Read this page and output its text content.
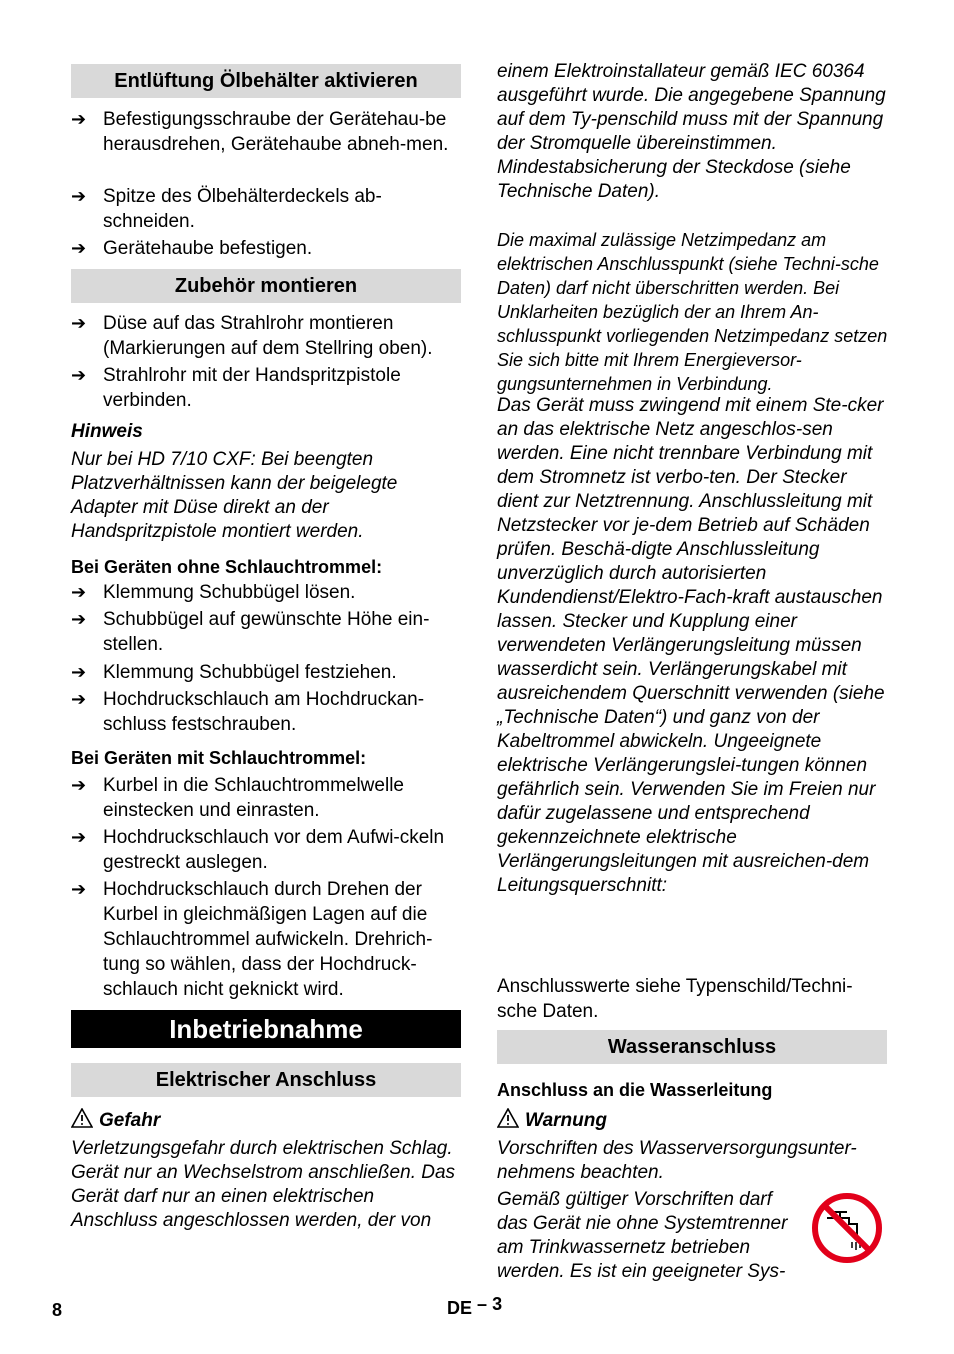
Entlüftung Ölbehälter aktivieren
➔ Befestigungsschraube der Gerätehau-be herausdrehen, Gerätehaube abneh-men.
➔ Spitze des Ölbehälterdeckels ab-schneiden.
➔ Gerätehaube befestigen.
Zubehör montieren
➔ Düse auf das Strahlrohr montieren (Markierungen auf dem Stellring oben).
➔ Strahlrohr mit der Handspritzpistole verbinden.
Hinweis
Nur bei HD 7/10 CXF: Bei beengten Platzverhältnissen kann der beigelegte Adapter mit Düse direkt an der Handspritzpistole montiert werden.
Bei Geräten ohne Schlauchtrommel:
➔ Klemmung Schubbügel lösen.
➔ Schubbügel auf gewünschte Höhe ein-stellen.
➔ Klemmung Schubbügel festziehen.
➔ Hochdruckschlauch am Hochdruckan-schluss festschrauben.
Bei Geräten mit Schlauchtrommel:
➔ Kurbel in die Schlauchtrommelwelle einstecken und einrasten.
➔ Hochdruckschlauch vor dem Aufwi-ckeln gestreckt auslegen.
➔ Hochdruckschlauch durch Drehen der Kurbel in gleichmäßigen Lagen auf die Schlauchtrommel aufwickeln. Drehrich-tung so wählen, dass der Hochdruck-schlauch nicht geknickt wird.
Inbetriebnahme
Elektrischer Anschluss
Gefahr
Verletzungsgefahr durch elektrischen Schlag. Gerät nur an Wechselstrom anschließen. Das Gerät darf nur an einen elektrischen Anschluss angeschlossen werden, der von
einem Elektroinstallateur gemäß IEC 60364 ausgeführt wurde. Die angegebene Spannung auf dem Ty-penschild muss mit der Spannung der Stromquelle übereinstimmen. Mindestabsicherung der Steckdose (siehe Technische Daten).
Die maximal zulässige Netzimpedanz am elektrischen Anschlusspunkt (siehe Techni-sche Daten) darf nicht überschritten werden. Bei Unklarheiten bezüglich der an Ihrem An-schlusspunkt vorliegenden Netzimpedanz setzen Sie sich bitte mit Ihrem Energieversor-gungsunternehmen in Verbindung.
Das Gerät muss zwingend mit einem Ste-cker an das elektrische Netz angeschlos-sen werden. Eine nicht trennbare Verbindung mit dem Stromnetz ist verbo-ten. Der Stecker dient zur Netztrennung. Anschlussleitung mit Netzstecker vor je-dem Betrieb auf Schäden prüfen. Beschä-digte Anschlussleitung unverzüglich durch autorisierten Kundendienst/Elektro-Fach-kraft austauschen lassen. Stecker und Kupplung einer verwendeten Verlängerungsleitung müssen wasserdicht sein. Verlängerungskabel mit ausreichendem Querschnitt verwenden (siehe „Technische Daten“) und ganz von der Kabeltrommel abwickeln. Ungeeignete elektrische Verlängerungslei-tungen können gefährlich sein. Verwenden Sie im Freien nur dafür zugelassene und entsprechend gekennzeichnete elektrische Verlängerungsleitungen mit ausreichen-dem Leitungsquerschnitt:
Anschlusswerte siehe Typenschild/Techni-sche Daten.
Wasseranschluss
Anschluss an die Wasserleitung
Warnung
Vorschriften des Wasserversorgungsunter-nehmens beachten.
Gemäß gültiger Vorschriften darf das Gerät nie ohne Systemtrenner am Trinkwassernetz betrieben werden. Es ist ein geeigneter Sys-
8	DE – 3
